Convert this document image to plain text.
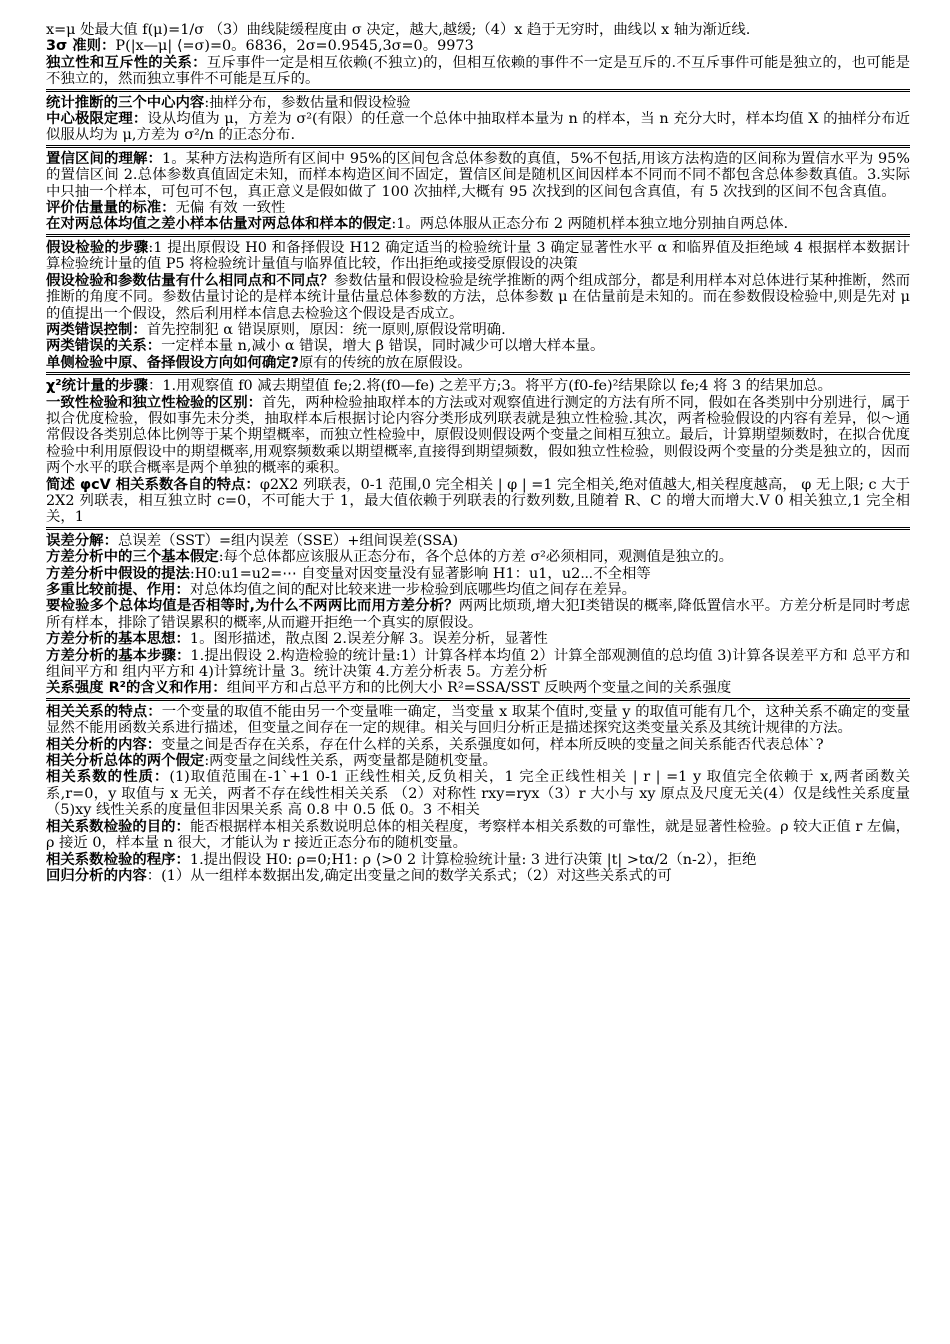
x=μ 处最大值 f(μ)=1/σ （3）曲线陡缓程度由 σ 决定，越大,越缓;（4）x 趋于无穷时，曲线以 x 轴为渐近线.

3σ 准则：P(|x—μ| ⟨=σ)=0。6836，2σ=0.9545,3σ=0。9973

独立性和互斥性的关系：互斥事件一定是相互依赖(不独立)的，但相互依赖的事件不一定是互斥的.不互斥事件可能是独立的，也可能是不独立的，然而独立事件不可能是互斥的。

统计推断的三个中心内容:抽样分布，参数估量和假设检验

中心极限定理：设从均值为 μ，方差为 σ²(有限）的任意一个总体中抽取样本量为 n 的样本，当 n 充分大时，样本均值 X 的抽样分布近似服从均为 μ,方差为 σ²/n 的正态分布.

置信区间的理解：1。某种方法构造所有区间中 95%的区间包含总体参数的真值，5%不包括,用该方法构造的区间称为置信水平为 95%的置信区间 2.总体参数真值固定未知，而样本构造区间不固定，置信区间是随机区间因样本不同而不同不都包含总体参数真值。3.实际中只抽一个样本，可包可不包，真正意义是假如做了 100 次抽样,大概有 95 次找到的区间包含真值，有 5 次找到的区间不包含真值。

评价估量量的标准：无偏 有效 一致性

在对两总体均值之差小样本估量对两总体和样本的假定:1。两总体服从正态分布 2 两随机样本独立地分别抽自两总体.

假设检验的步骤:1 提出原假设 H0 和备择假设 H12 确定适当的检验统计量 3 确定显著性水平 α 和临界值及拒绝域 4 根据样本数据计算检验统计量的值 P5 将检验统计量值与临界值比较，作出拒绝或接受原假设的决策

假设检验和参数估量有什么相同点和不同点？参数估量和假设检验是统学推断的两个组成部分，都是利用样本对总体进行某种推断，然而推断的角度不同。参数估量讨论的是样本统计量估量总体参数的方法，总体参数 μ 在估量前是未知的。而在参数假设检验中,则是先对 μ 的值提出一个假设，然后利用样本信息去检验这个假设是否成立。

两类错误控制：首先控制犯 α 错误原则，原因：统一原则,原假设常明确.

两类错误的关系：一定样本量 n,减小 α 错误，增大 β 错误，同时减少可以增大样本量。

单侧检验中原、备择假设方向如何确定?原有的传统的放在原假设。

χ²统计量的步骤：1.用观察值 f0 减去期望值 fe;2.将(f0—fe) 之差平方;3。将平方(f0-fe)²结果除以 fe;4 将 3 的结果加总。

一致性检验和独立性检验的区别：首先，两种检验抽取样本的方法或对观察值进行测定的方法有所不同，假如在各类别中分别进行，属于拟合优度检验，假如事先未分类，抽取样本后根据讨论内容分类形成列联表就是独立性检验.其次，两者检验假设的内容有差异，似～通常假设各类别总体比例等于某个期望概率，而独立性检验中，原假设则假设两个变量之间相互独立。最后，计算期望频数时，在拟合优度检验中利用原假设中的期望概率,用观察频数乘以期望概率,直接得到期望频数，假如独立性检验，则假设两个变量的分类是独立的，因而两个水平的联合概率是两个单独的概率的乘积。

简述 φcV 相关系数各自的特点：φ2X2 列联表，0-1 范围,0 完全相关 | φ | =1 完全相关,绝对值越大,相关程度越高， φ 无上限; c 大于 2X2 列联表，相互独立时 c=0，不可能大于 1，最大值依赖于列联表的行数列数,且随着 R、C 的增大而增大.V 0 相关独立,1 完全相关，1

误差分解：总误差（SST）=组内误差（SSE）+组间误差(SSA)

方差分析中的三个基本假定:每个总体都应该服从正态分布，各个总体的方差 σ²必须相同，观测值是独立的。

方差分析中假设的提法:H0:u1=u2=⋯ 自变量对因变量没有显著影响 H1：u1，u2⋯不全相等

多重比较前提、作用：对总体均值之间的配对比较来进一步检验到底哪些均值之间存在差异。

要检验多个总体均值是否相等时,为什么不两两比而用方差分析？两两比烦琐,增大犯Ⅰ类错误的概率,降低置信水平。方差分析是同时考虑所有样本，排除了错误累积的概率,从而避开拒绝一个真实的原假设。

方差分析的基本思想：1。图形描述，散点图 2.误差分解 3。误差分析，显著性

方差分析的基本步骤：1.提出假设 2.构造检验的统计量:1）计算各样本均值 2）计算全部观测值的总均值 3)计算各误差平方和 总平方和 组间平方和 组内平方和 4)计算统计量 3。统计决策 4.方差分析表 5。方差分析

关系强度 R²的含义和作用：组间平方和占总平方和的比例大小 R²=SSA/SST 反映两个变量之间的关系强度

相关关系的特点：一个变量的取值不能由另一个变量唯一确定，当变量 x 取某个值时,变量 y 的取值可能有几个，这种关系不确定的变量显然不能用函数关系进行描述，但变量之间存在一定的规律。相关与回归分析正是描述探究这类变量关系及其统计规律的方法。

相关分析的内容：变量之间是否存在关系，存在什么样的关系，关系强度如何，样本所反映的变量之间关系能否代表总体`?

相关分析总体的两个假定:两变量之间线性关系，两变量都是随机变量。

相关系数的性质：(1)取值范围在-1`+1 0-1 正线性相关,反负相关，1 完全正线性相关 | r | =1 y 取值完全依赖于 x,两者函数关系,r=0，y 取值与 x 无关，两者不存在线性相关关系 （2）对称性 rxy=ryx（3）r 大小与 xy 原点及尺度无关(4）仅是线性关系度量（5)xy 线性关系的度量但非因果关系 高 0.8 中 0.5 低 0。3 不相关

相关系数检验的目的：能否根据样本相关系数说明总体的相关程度，考察样本相关系数的可靠性，就是显著性检验。ρ 较大正值 r 左偏，ρ 接近 0，样本量 n 很大，才能认为 r 接近正态分布的随机变量。

相关系数检验的程序：1.提出假设 H0: ρ=0;H1: ρ ⟨>0 2 计算检验统计量: 3 进行决策 |t| >tα/2（n-2），拒绝

回归分析的内容：(1）从一组样本数据出发,确定出变量之间的数学关系式；（2）对这些关系式的可
